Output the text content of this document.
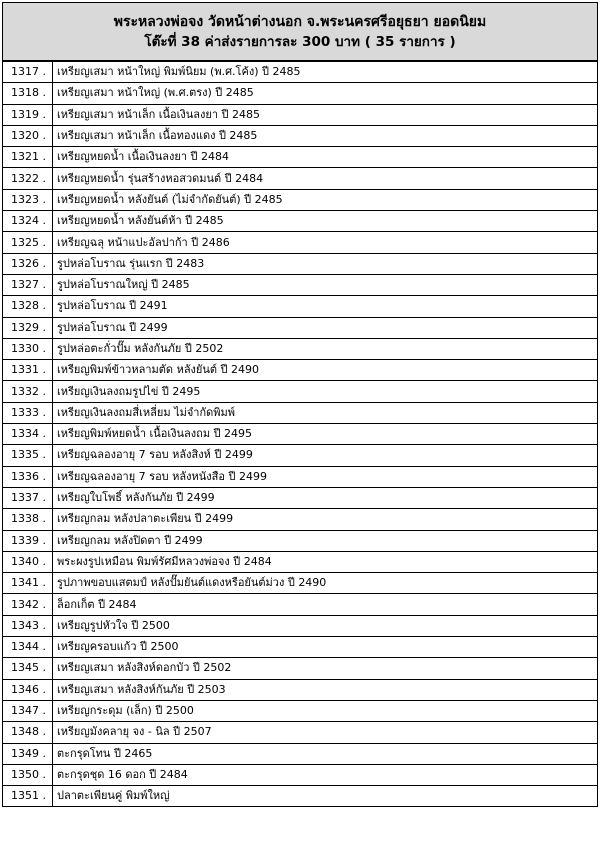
พระหลวงพ่อจง วัดหน้าต่างนอก จ.พระนครศรีอยุธยา ยอดนิยม
โต๊ะที่ 38 ค่าส่งรายการละ 300 บาท ( 35 รายการ )
1317 .	เหรียญเสมา หน้าใหญ่ พิมพ์นิยม (พ.ศ.โค้ง) ปี 2485
1318 .	เหรียญเสมา หน้าใหญ่ (พ.ศ.ตรง) ปี 2485
1319 .	เหรียญเสมา หน้าเล็ก เนื้อเงินลงยา ปี 2485
1320 .	เหรียญเสมา หน้าเล็ก เนื้อทองแดง ปี 2485
1321 .	เหรียญหยดน้ำ เนื้อเงินลงยา ปี 2484
1322 .	เหรียญหยดน้ำ รุ่นสร้างหอสวดมนต์ ปี 2484
1323 .	เหรียญหยดน้ำ หลังยันต์ (ไม่จำกัดยันต์) ปี 2485
1324 .	เหรียญหยดน้ำ หลังยันต์ห้า ปี 2485
1325 .	เหรียญฉลุ หน้าแปะอัลปาก้า ปี 2486
1326 .	รูปหล่อโบราณ รุ่นแรก ปี 2483
1327 .	รูปหล่อโบราณใหญ่ ปี 2485
1328 .	รูปหล่อโบราณ ปี 2491
1329 .	รูปหล่อโบราณ ปี 2499
1330 .	รูปหล่อตะกั่วปั๊ม หลังกันภัย ปี 2502
1331 .	เหรียญพิมพ์ข้าวหลามตัด หลังยันต์ ปี 2490
1332 .	เหรียญเงินลงถมรูปไข่ ปี 2495
1333 .	เหรียญเงินลงถมสี่เหลี่ยม ไม่จำกัดพิมพ์
1334 .	เหรียญพิมพ์หยดน้ำ เนื้อเงินลงถม ปี 2495
1335 .	เหรียญฉลองอายุ 7 รอบ หลังสิงห์ ปี 2499
1336 .	เหรียญฉลองอายุ 7 รอบ หลังหนังสือ ปี 2499
1337 .	เหรียญใบโพธิ์ หลังกันภัย ปี 2499
1338 .	เหรียญกลม หลังปลาตะเพียน ปี 2499
1339 .	เหรียญกลม หลังปิดตา ปี 2499
1340 .	พระผงรูปเหมือน พิมพ์รัศมีหลวงพ่อจง ปี 2484
1341 .	รูปภาพขอบแสตมป์ หลังปั๊มยันต์แดงหรือยันต์ม่วง ปี 2490
1342 .	ล็อกเก็ต ปี 2484
1343 .	เหรียญรูปหัวใจ ปี 2500
1344 .	เหรียญครอบแก้ว ปี 2500
1345 .	เหรียญเสมา หลังสิงห์ดอกบัว ปี 2502
1346 .	เหรียญเสมา หลังสิงห์กันภัย ปี 2503
1347 .	เหรียญกระดุม (เล็ก) ปี 2500
1348 .	เหรียญมังคลายุ จง - นิล ปี 2507
1349 .	ตะกรุดโทน ปี 2465
1350 .	ตะกรุดชุด 16 ดอก ปี 2484
1351 .	ปลาตะเพียนคู่ พิมพ์ใหญ่
